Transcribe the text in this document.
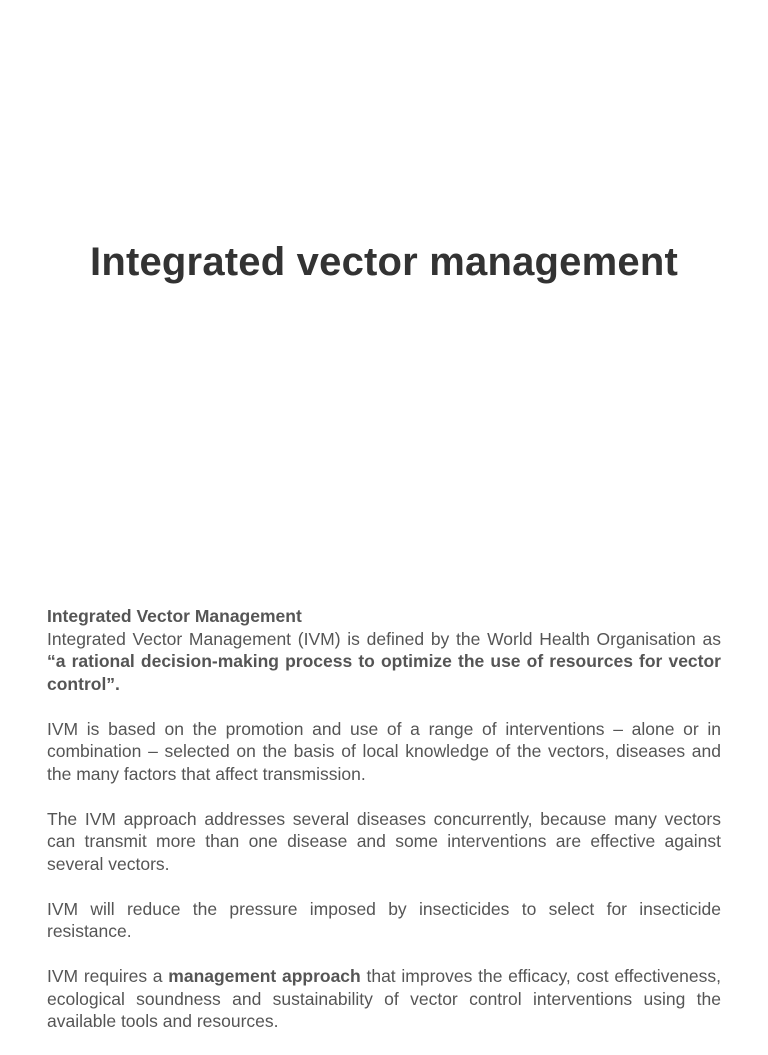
Integrated vector management

Integrated Vector Management

Integrated Vector Management (IVM) is defined by the World Health Organisation as “a rational decision-making process to optimize the use of resources for vector control”.

IVM is based on the promotion and use of a range of interventions – alone or in combination – selected on the basis of local knowledge of the vectors, diseases and the many factors that affect transmission.

The IVM approach addresses several diseases concurrently, because many vectors can transmit more than one disease and some interventions are effective against several vectors.

IVM will reduce the pressure imposed by insecticides to select for insecticide resistance.

IVM requires a management approach that improves the efficacy, cost effectiveness, ecological soundness and sustainability of vector control interventions using the available tools and resources.
